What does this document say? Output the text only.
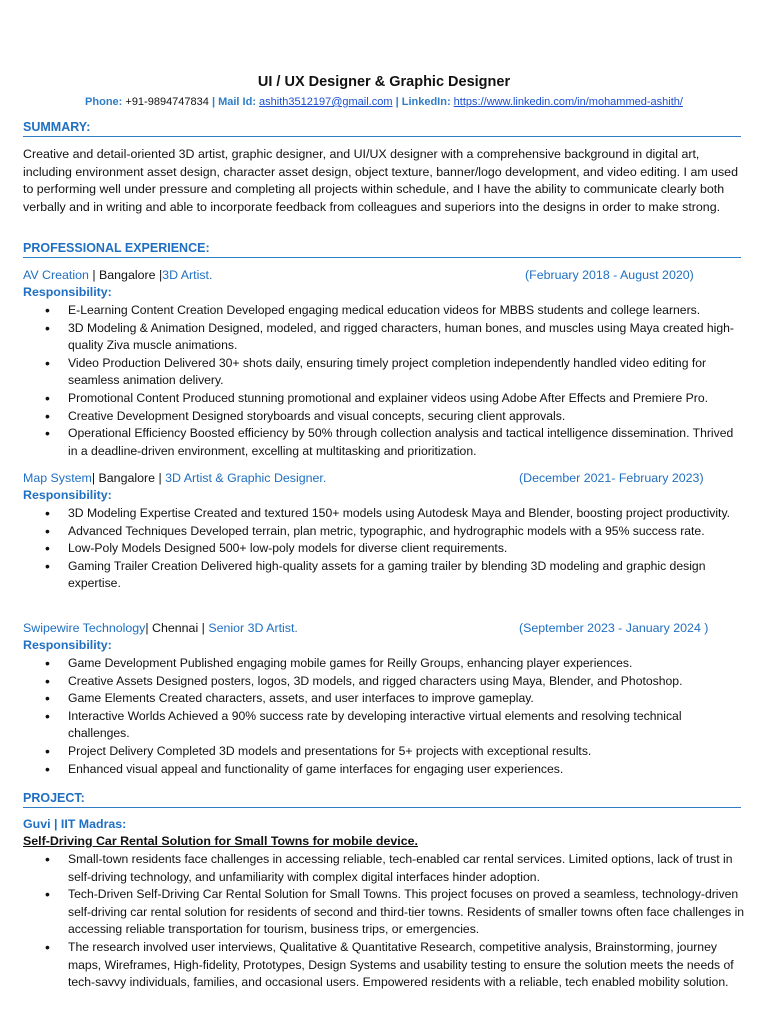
UI / UX Designer & Graphic Designer
Phone: +91-9894747834 | Mail Id: ashith3512197@gmail.com | LinkedIn: https://www.linkedin.com/in/mohammed-ashith/
SUMMARY:
Creative and detail-oriented 3D artist, graphic designer, and UI/UX designer with a comprehensive background in digital art, including environment asset design, character asset design, object texture, banner/logo development, and video editing. I am used to performing well under pressure and completing all projects within schedule, and I have the ability to communicate clearly both verbally and in writing and able to incorporate feedback from colleagues and superiors into the designs in order to make strong.
PROFESSIONAL EXPERIENCE:
AV Creation | Bangalore |3D Artist.	(February 2018 - August 2020)
Responsibility:
• E-Learning Content Creation Developed engaging medical education videos for MBBS students and college learners.
• 3D Modeling & Animation Designed, modeled, and rigged characters, human bones, and muscles using Maya created high-quality Ziva muscle animations.
• Video Production Delivered 30+ shots daily, ensuring timely project completion independently handled video editing for seamless animation delivery.
• Promotional Content Produced stunning promotional and explainer videos using Adobe After Effects and Premiere Pro.
• Creative Development Designed storyboards and visual concepts, securing client approvals.
• Operational Efficiency Boosted efficiency by 50% through collection analysis and tactical intelligence dissemination. Thrived in a deadline-driven environment, excelling at multitasking and prioritization.
Map System| Bangalore | 3D Artist & Graphic Designer.	(December 2021- February 2023)
Responsibility:
• 3D Modeling Expertise Created and textured 150+ models using Autodesk Maya and Blender, boosting project productivity.
• Advanced Techniques Developed terrain, plan metric, typographic, and hydrographic models with a 95% success rate.
• Low-Poly Models Designed 500+ low-poly models for diverse client requirements.
• Gaming Trailer Creation Delivered high-quality assets for a gaming trailer by blending 3D modeling and graphic design expertise.
Swipewire Technology| Chennai | Senior 3D Artist.	(September 2023 - January 2024 )
Responsibility:
• Game Development Published engaging mobile games for Reilly Groups, enhancing player experiences.
• Creative Assets Designed posters, logos, 3D models, and rigged characters using Maya, Blender, and Photoshop.
• Game Elements Created characters, assets, and user interfaces to improve gameplay.
• Interactive Worlds Achieved a 90% success rate by developing interactive virtual elements and resolving technical challenges.
• Project Delivery Completed 3D models and presentations for 5+ projects with exceptional results.
• Enhanced visual appeal and functionality of game interfaces for engaging user experiences.
PROJECT:
Guvi | IIT Madras:
Self-Driving Car Rental Solution for Small Towns for mobile device.
• Small-town residents face challenges in accessing reliable, tech-enabled car rental services. Limited options, lack of trust in self-driving technology, and unfamiliarity with complex digital interfaces hinder adoption.
• Tech-Driven Self-Driving Car Rental Solution for Small Towns. This project focuses on proved a seamless, technology-driven self-driving car rental solution for residents of second and third-tier towns. Residents of smaller towns often face challenges in accessing reliable transportation for tourism, business trips, or emergencies.
• The research involved user interviews, Qualitative & Quantitative Research, competitive analysis, Brainstorming, journey maps, Wireframes, High-fidelity, Prototypes, Design Systems and usability testing to ensure the solution meets the needs of tech-savvy individuals, families, and occasional users. Empowered residents with a reliable, tech enabled mobility solution.
